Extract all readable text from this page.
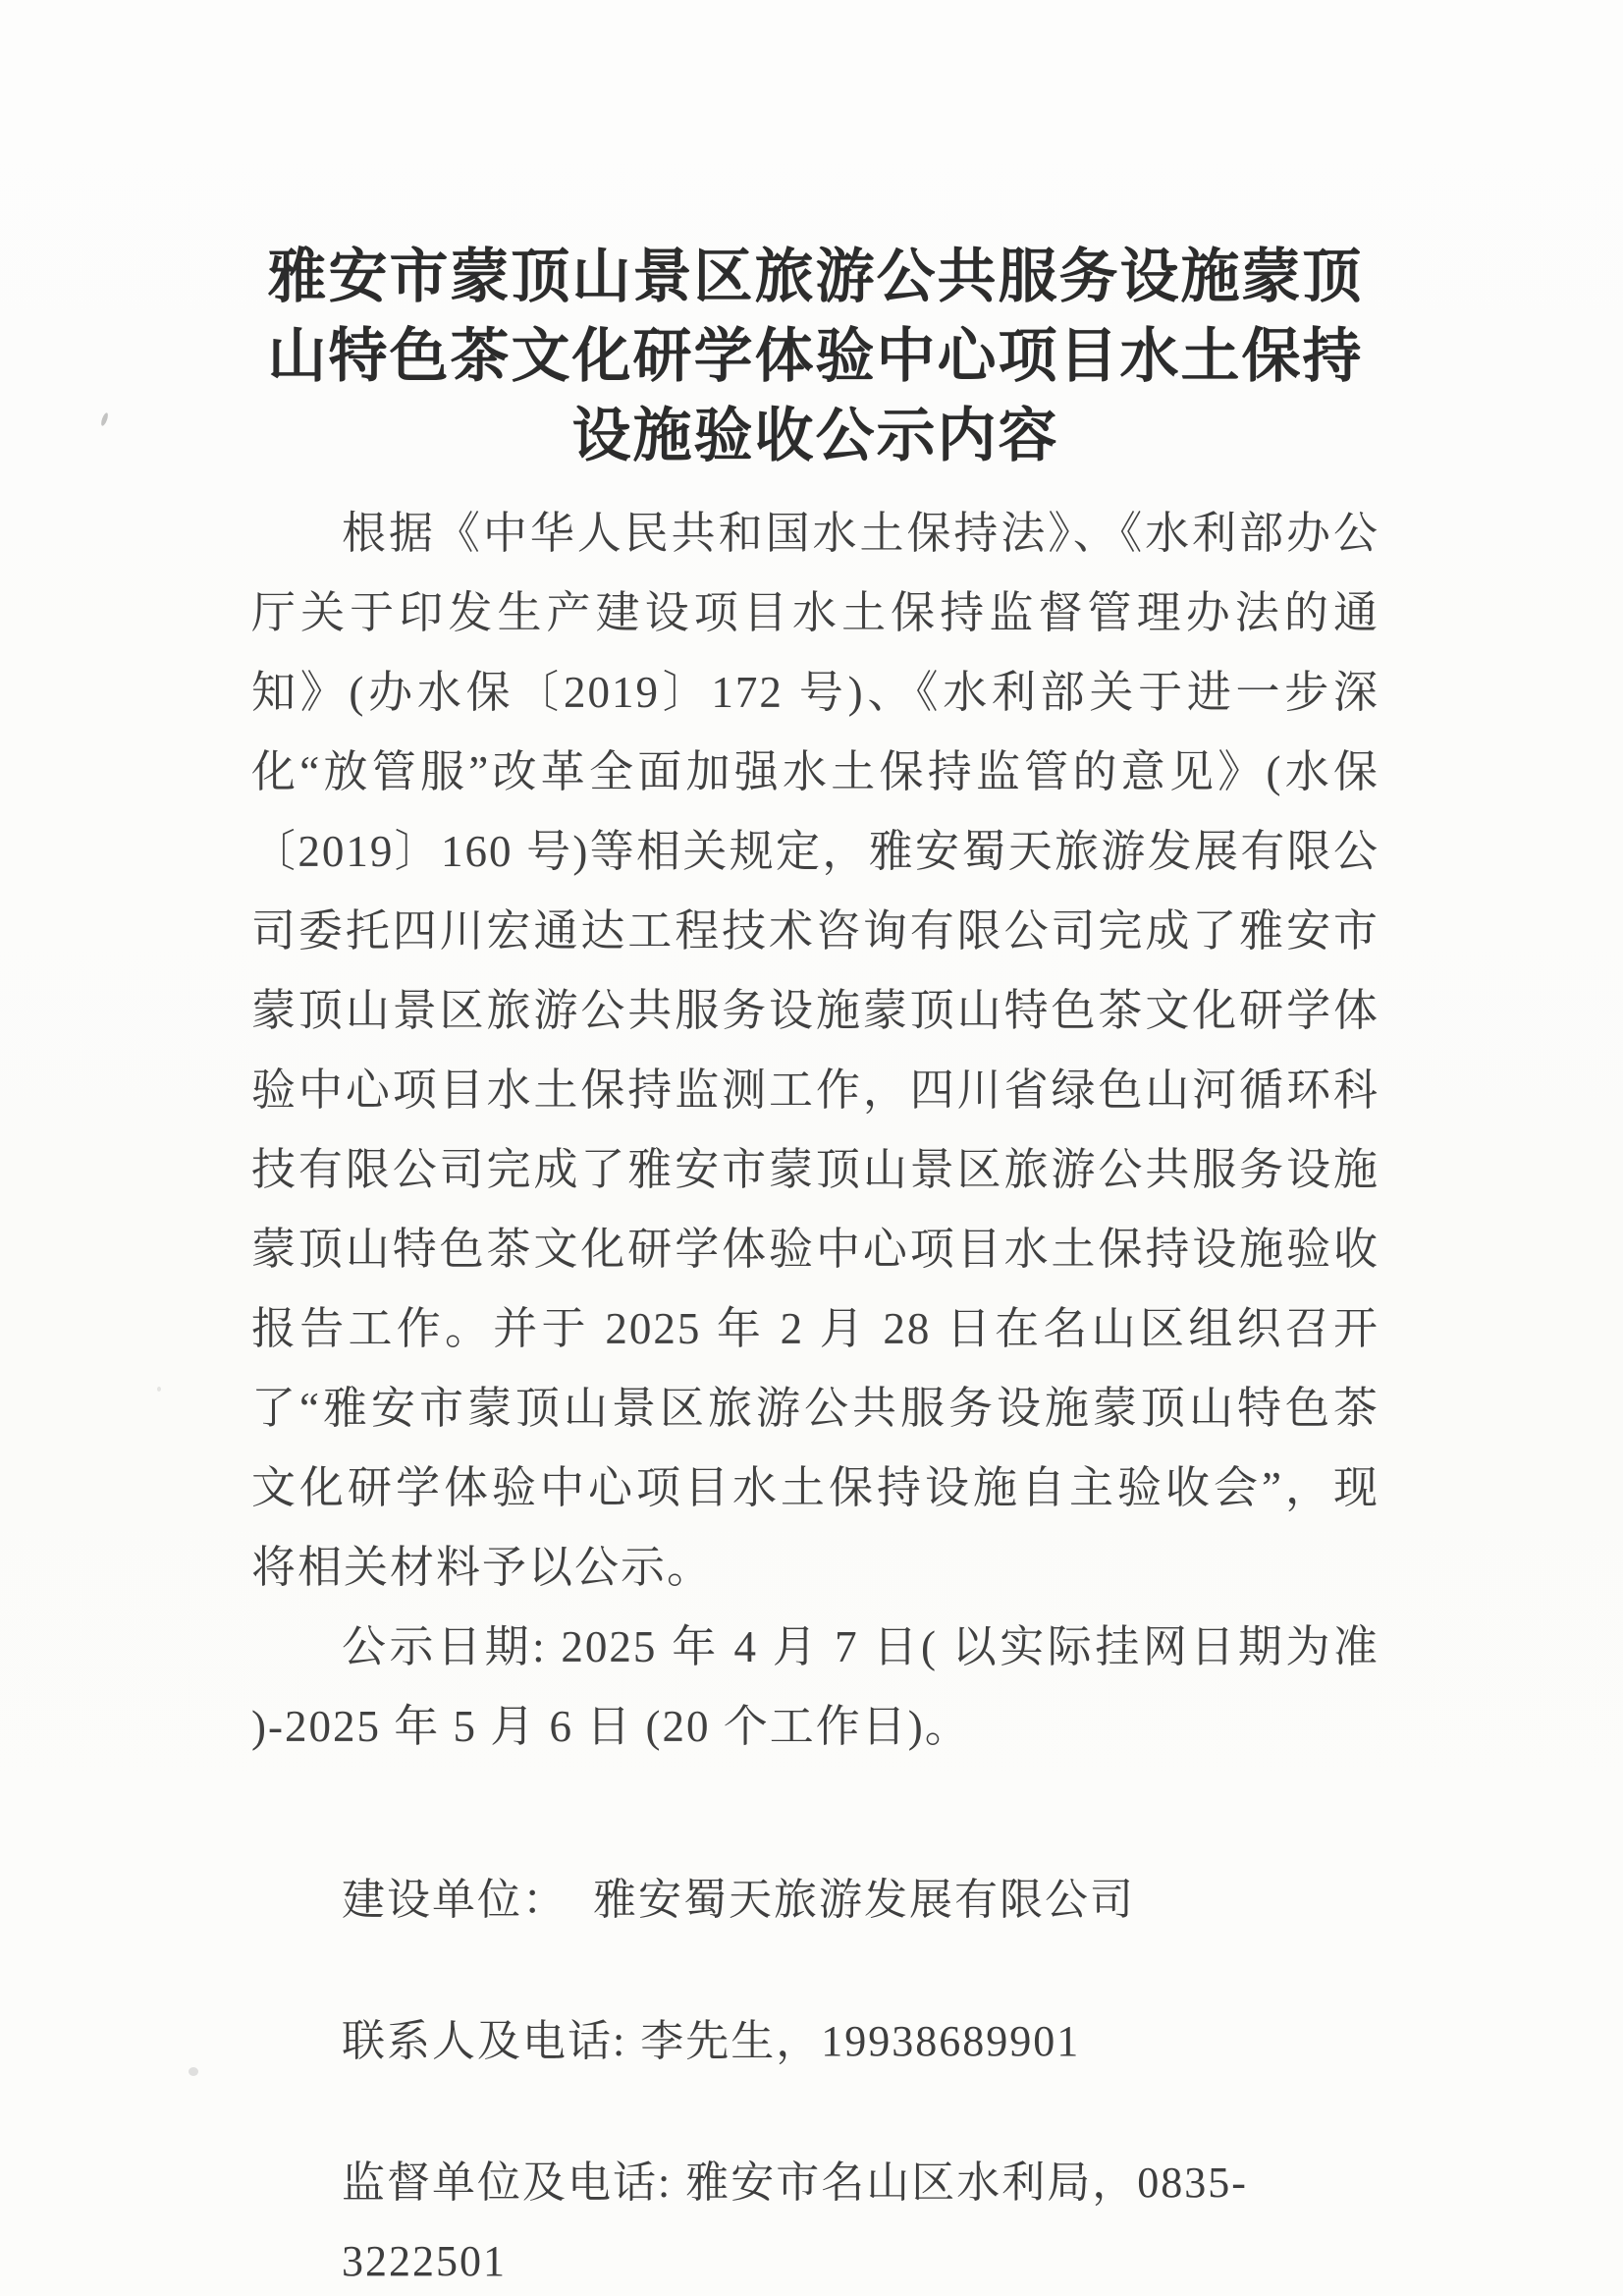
雅安市蒙顶山景区旅游公共服务设施蒙顶
山特色茶文化研学体验中心项目水土保持
设施验收公示内容

根据《中华人民共和国水土保持法》、《水利部办公厅关于印发生产建设项目水土保持监督管理办法的通知》(办水保〔2019〕172 号)、《水利部关于进一步深化“放管服”改革全面加强水土保持监管的意见》(水保〔2019〕160 号)等相关规定，雅安蜀天旅游发展有限公司委托四川宏通达工程技术咨询有限公司完成了雅安市蒙顶山景区旅游公共服务设施蒙顶山特色茶文化研学体验中心项目水土保持监测工作，四川省绿色山河循环科技有限公司完成了雅安市蒙顶山景区旅游公共服务设施蒙顶山特色茶文化研学体验中心项目水土保持设施验收报告工作。并于 2025 年 2 月 28 日在名山区组织召开了“雅安市蒙顶山景区旅游公共服务设施蒙顶山特色茶文化研学体验中心项目水土保持设施自主验收会”，现将相关材料予以公示。

公示日期: 2025 年 4 月 7 日( 以实际挂网日期为准 )-2025 年 5 月 6 日 (20 个工作日)。

建设单位： 雅安蜀天旅游发展有限公司
联系人及电话: 李先生，19938689901
监督单位及电话: 雅安市名山区水利局，0835-3222501
